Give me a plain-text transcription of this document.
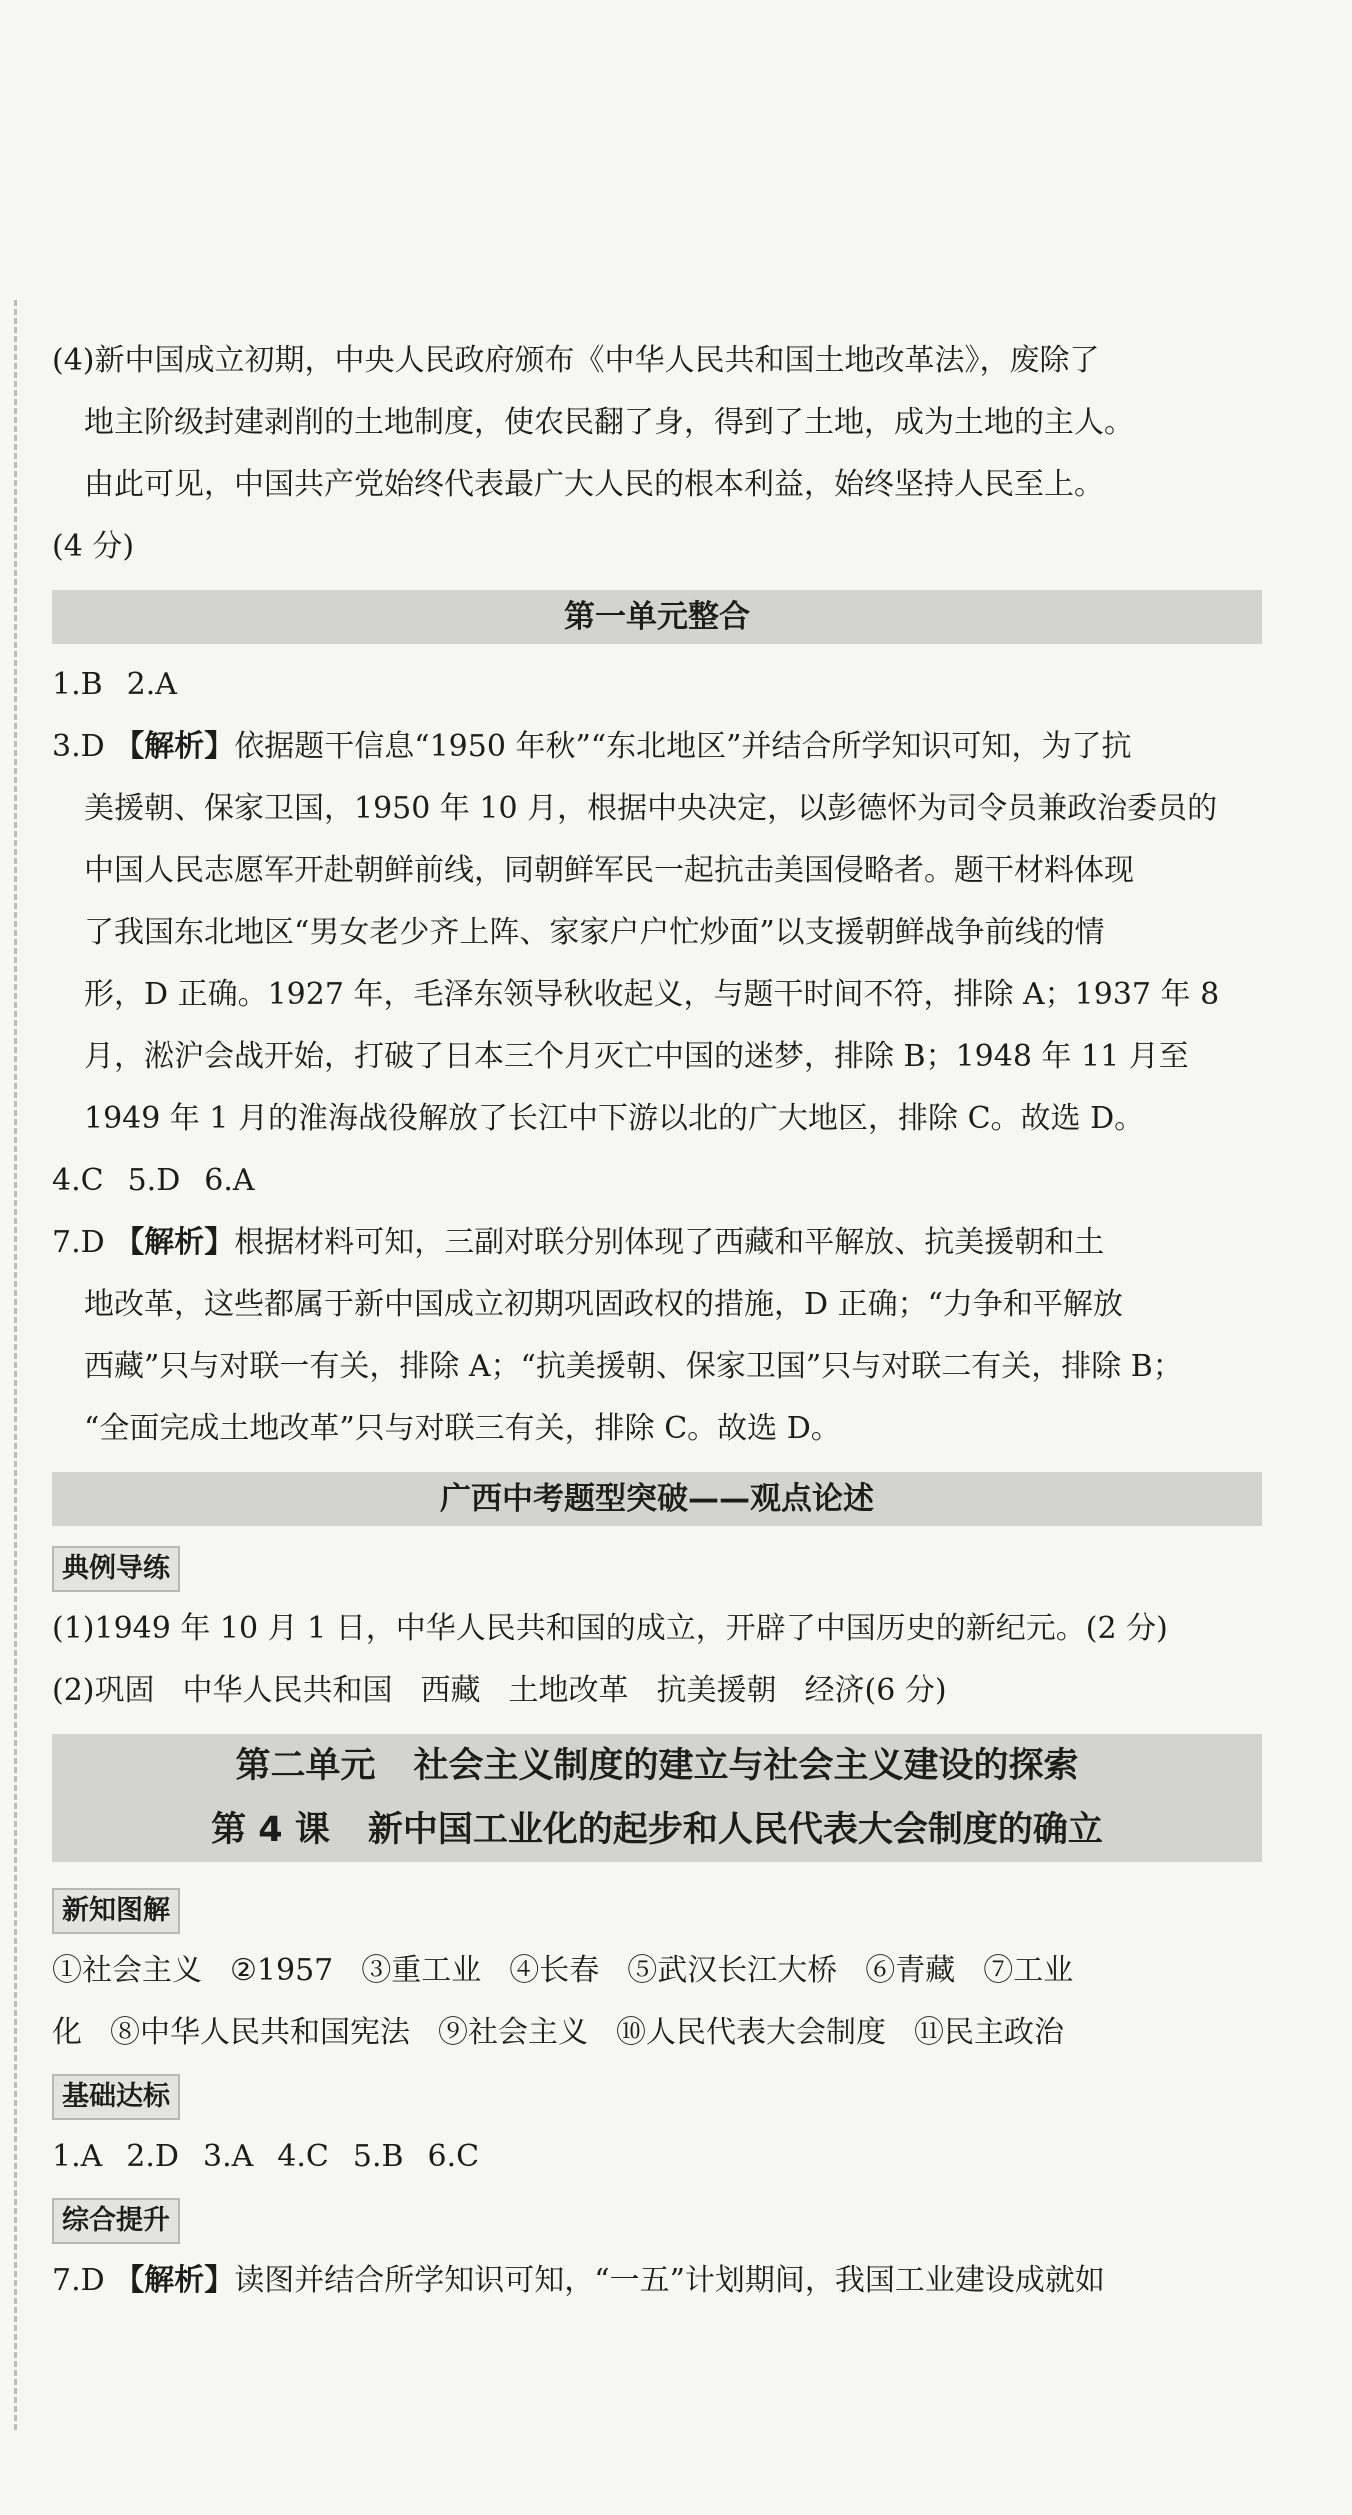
(4)新中国成立初期，中央人民政府颁布《中华人民共和国土地改革法》，废除了

地主阶级封建剥削的土地制度，使农民翻了身，得到了土地，成为土地的主人。

由此可见，中国共产党始终代表最广大人民的根本利益，始终坚持人民至上。

(4 分)

第一单元整合

1.B 2.A

3.D 【解析】依据题干信息“1950 年秋”“东北地区”并结合所学知识可知，为了抗

美援朝、保家卫国，1950 年 10 月，根据中央决定，以彭德怀为司令员兼政治委员的

中国人民志愿军开赴朝鲜前线，同朝鲜军民一起抗击美国侵略者。题干材料体现

了我国东北地区“男女老少齐上阵、家家户户忙炒面”以支援朝鲜战争前线的情

形，D 正确。1927 年，毛泽东领导秋收起义，与题干时间不符，排除 A；1937 年 8

月，淞沪会战开始，打破了日本三个月灭亡中国的迷梦，排除 B；1948 年 11 月至

1949 年 1 月的淮海战役解放了长江中下游以北的广大地区，排除 C。故选 D。

4.C 5.D 6.A

7.D 【解析】根据材料可知，三副对联分别体现了西藏和平解放、抗美援朝和土

地改革，这些都属于新中国成立初期巩固政权的措施，D 正确；“力争和平解放

西藏”只与对联一有关，排除 A；“抗美援朝、保家卫国”只与对联二有关，排除 B；

“全面完成土地改革”只与对联三有关，排除 C。故选 D。

广西中考题型突破——观点论述
典例导练

(1)1949 年 10 月 1 日，中华人民共和国的成立，开辟了中国历史的新纪元。(2 分)

(2)巩固 中华人民共和国 西藏 土地改革 抗美援朝 经济(6 分)

第二单元 社会主义制度的建立与社会主义建设的探索
第 4 课 新中国工业化的起步和人民代表大会制度的确立
新知图解

①社会主义 ②1957 ③重工业 ④长春 ⑤武汉长江大桥 ⑥青藏 ⑦工业

化 ⑧中华人民共和国宪法 ⑨社会主义 ⑩人民代表大会制度 ⑪民主政治

基础达标

1.A 2.D 3.A 4.C 5.B 6.C

综合提升

7.D 【解析】读图并结合所学知识可知，“一五”计划期间，我国工业建设成就如
